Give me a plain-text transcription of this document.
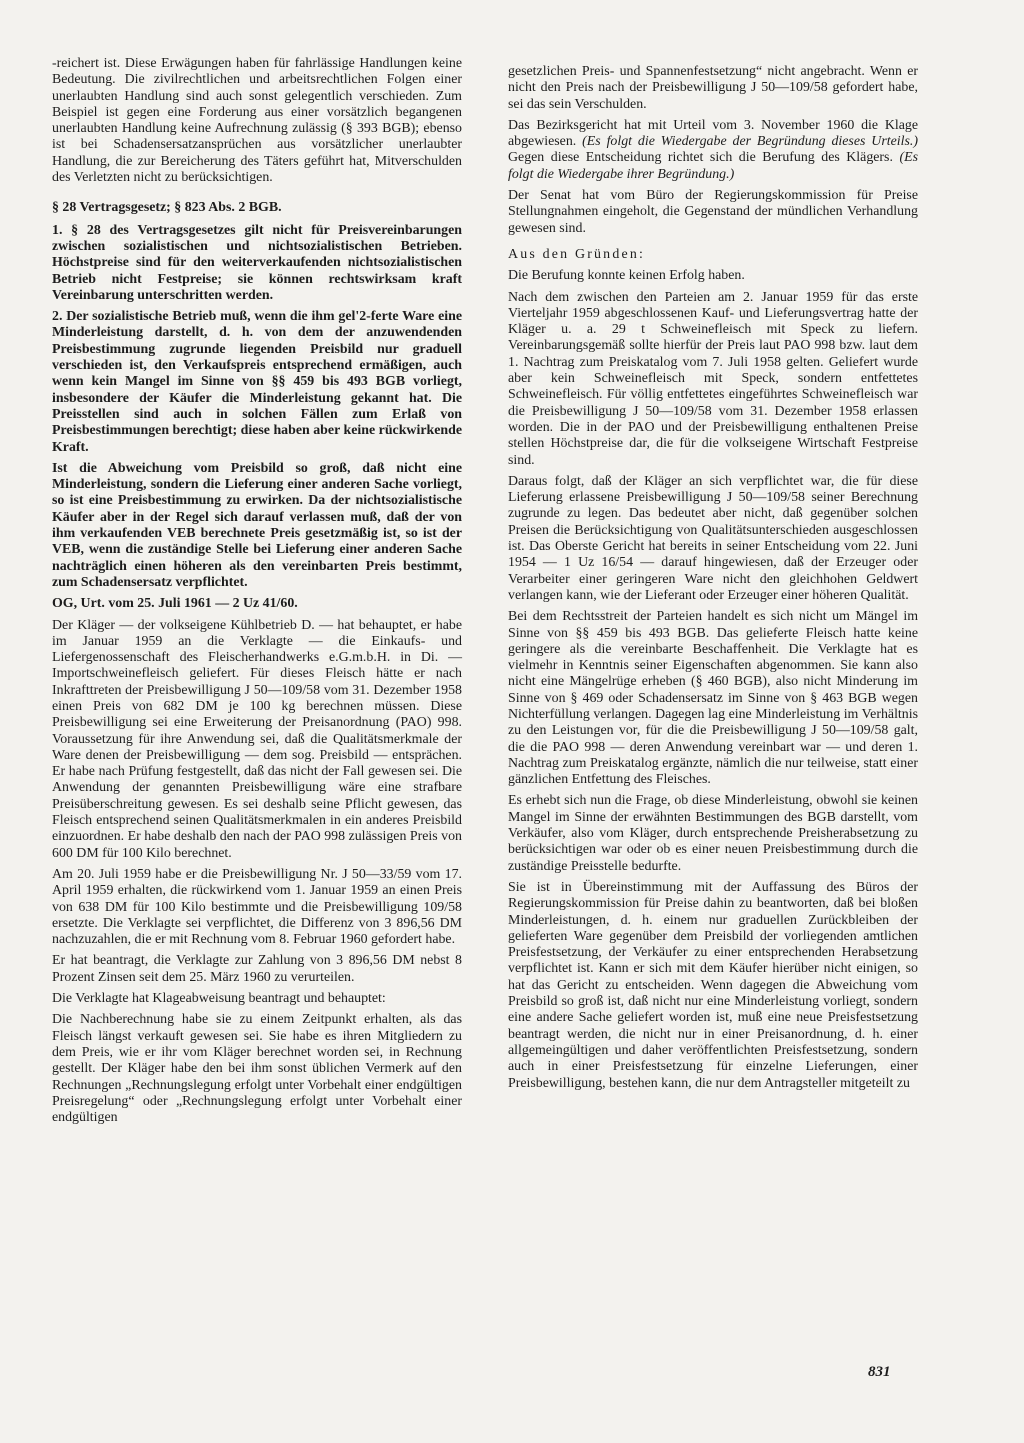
-reichert ist. Diese Erwägungen haben für fahrlässige Handlungen keine Bedeutung. Die zivilrechtlichen und arbeitsrechtlichen Folgen einer unerlaubten Handlung sind auch sonst gelegentlich verschieden. Zum Beispiel ist gegen eine Forderung aus einer vorsätzlich begangenen unerlaubten Handlung keine Aufrechnung zulässig (§ 393 BGB); ebenso ist bei Schadensersatzansprüchen aus vorsätzlicher unerlaubter Handlung, die zur Bereicherung des Täters geführt hat, Mitverschulden des Verletzten nicht zu berücksichtigen.

§ 28 Vertragsgesetz; § 823 Abs. 2 BGB.

1. § 28 des Vertragsgesetzes gilt nicht für Preisvereinbarungen zwischen sozialistischen und nichtsozialistischen Betrieben. Höchstpreise sind für den weiterverkaufenden nichtsozialistischen Betrieb nicht Festpreise; sie können rechtswirksam kraft Vereinbarung unterschritten werden.

2. Der sozialistische Betrieb muß, wenn die ihm gel'2-ferte Ware eine Minderleistung darstellt, d. h. von dem der anzuwendenden Preisbestimmung zugrunde liegenden Preisbild nur graduell verschieden ist, den Verkaufspreis entsprechend ermäßigen, auch wenn kein Mangel im Sinne von §§ 459 bis 493 BGB vorliegt, insbesondere der Käufer die Minderleistung gekannt hat. Die Preisstellen sind auch in solchen Fällen zum Erlaß von Preisbestimmungen berechtigt; diese haben aber keine rückwirkende Kraft.

Ist die Abweichung vom Preisbild so groß, daß nicht eine Minderleistung, sondern die Lieferung einer anderen Sache vorliegt, so ist eine Preisbestimmung zu erwirken. Da der nichtsozialistische Käufer aber in der Regel sich darauf verlassen muß, daß der von ihm verkaufenden VEB berechnete Preis gesetzmäßig ist, so ist der VEB, wenn die zuständige Stelle bei Lieferung einer anderen Sache nachträglich einen höheren als den vereinbarten Preis bestimmt, zum Schadensersatz verpflichtet.

OG, Urt. vom 25. Juli 1961 — 2 Uz 41/60.

Der Kläger — der volkseigene Kühlbetrieb D. — hat behauptet, er habe im Januar 1959 an die Verklagte — die Einkaufs- und Liefergenossenschaft des Fleischerhandwerks e.G.m.b.H. in Di. — Importschweinefleisch geliefert. Für dieses Fleisch hätte er nach Inkrafttreten der Preisbewilligung J 50—109/58 vom 31. Dezember 1958 einen Preis von 682 DM je 100 kg berechnen müssen. Diese Preisbewilligung sei eine Erweiterung der Preisanordnung (PAO) 998. Voraussetzung für ihre Anwendung sei, daß die Qualitätsmerkmale der Ware denen der Preisbewilligung — dem sog. Preisbild — entsprächen. Er habe nach Prüfung festgestellt, daß das nicht der Fall gewesen sei. Die Anwendung der genannten Preisbewilligung wäre eine strafbare Preisüberschreitung gewesen. Es sei deshalb seine Pflicht gewesen, das Fleisch entsprechend seinen Qualitätsmerkmalen in ein anderes Preisbild einzuordnen. Er habe deshalb den nach der PAO 998 zulässigen Preis von 600 DM für 100 Kilo berechnet.

Am 20. Juli 1959 habe er die Preisbewilligung Nr. J 50—33/59 vom 17. April 1959 erhalten, die rückwirkend vom 1. Januar 1959 an einen Preis von 638 DM für 100 Kilo bestimmte und die Preisbewilligung 109/58 ersetzte. Die Verklagte sei verpflichtet, die Differenz von 3 896,56 DM nachzuzahlen, die er mit Rechnung vom 8. Februar 1960 gefordert habe.

Er hat beantragt, die Verklagte zur Zahlung von 3 896,56 DM nebst 8 Prozent Zinsen seit dem 25. März 1960 zu verurteilen.

Die Verklagte hat Klageabweisung beantragt und behauptet:

Die Nachberechnung habe sie zu einem Zeitpunkt erhalten, als das Fleisch längst verkauft gewesen sei. Sie habe es ihren Mitgliedern zu dem Preis, wie er ihr vom Kläger berechnet worden sei, in Rechnung gestellt. Der Kläger habe den bei ihm sonst üblichen Vermerk auf den Rechnungen „Rechnungslegung erfolgt unter Vorbehalt einer endgültigen Preisregelung“ oder „Rechnungslegung erfolgt unter Vorbehalt einer endgültigen

gesetzlichen Preis- und Spannenfestsetzung“ nicht angebracht. Wenn er nicht den Preis nach der Preisbewilligung J 50—109/58 gefordert habe, sei das sein Verschulden.

Das Bezirksgericht hat mit Urteil vom 3. November 1960 die Klage abgewiesen. (Es folgt die Wiedergabe der Begründung dieses Urteils.) Gegen diese Entscheidung richtet sich die Berufung des Klägers. (Es folgt die Wiedergabe ihrer Begründung.)

Der Senat hat vom Büro der Regierungskommission für Preise Stellungnahmen eingeholt, die Gegenstand der mündlichen Verhandlung gewesen sind.

Aus den Gründen:

Die Berufung konnte keinen Erfolg haben.

Nach dem zwischen den Parteien am 2. Januar 1959 für das erste Vierteljahr 1959 abgeschlossenen Kauf- und Lieferungsvertrag hatte der Kläger u. a. 29 t Schweinefleisch mit Speck zu liefern. Vereinbarungsgemäß sollte hierfür der Preis laut PAO 998 bzw. laut dem 1. Nachtrag zum Preiskatalog vom 7. Juli 1958 gelten. Geliefert wurde aber kein Schweinefleisch mit Speck, sondern entfettetes Schweinefleisch. Für völlig entfettetes eingeführtes Schweinefleisch war die Preisbewilligung J 50—109/58 vom 31. Dezember 1958 erlassen worden. Die in der PAO und der Preisbewilligung enthaltenen Preise stellen Höchstpreise dar, die für die volkseigene Wirtschaft Festpreise sind.

Daraus folgt, daß der Kläger an sich verpflichtet war, die für diese Lieferung erlassene Preisbewilligung J 50—109/58 seiner Berechnung zugrunde zu legen. Das bedeutet aber nicht, daß gegenüber solchen Preisen die Berücksichtigung von Qualitätsunterschieden ausgeschlossen ist. Das Oberste Gericht hat bereits in seiner Entscheidung vom 22. Juni 1954 — 1 Uz 16/54 — darauf hingewiesen, daß der Erzeuger oder Verarbeiter einer geringeren Ware nicht den gleichhohen Geldwert verlangen kann, wie der Lieferant oder Erzeuger einer höheren Qualität.

Bei dem Rechtsstreit der Parteien handelt es sich nicht um Mängel im Sinne von §§ 459 bis 493 BGB. Das gelieferte Fleisch hatte keine geringere als die vereinbarte Beschaffenheit. Die Verklagte hat es vielmehr in Kenntnis seiner Eigenschaften abgenommen. Sie kann also nicht eine Mängelrüge erheben (§ 460 BGB), also nicht Minderung im Sinne von § 469 oder Schadensersatz im Sinne von § 463 BGB wegen Nichterfüllung verlangen. Dagegen lag eine Minderleistung im Verhältnis zu den Leistungen vor, für die die Preisbewilligung J 50—109/58 galt, die die PAO 998 — deren Anwendung vereinbart war — und deren 1. Nachtrag zum Preiskatalog ergänzte, nämlich die nur teilweise, statt einer gänzlichen Entfettung des Fleisches.

Es erhebt sich nun die Frage, ob diese Minderleistung, obwohl sie keinen Mangel im Sinne der erwähnten Bestimmungen des BGB darstellt, vom Verkäufer, also vom Kläger, durch entsprechende Preisherabsetzung zu berücksichtigen war oder ob es einer neuen Preisbestimmung durch die zuständige Preisstelle bedurfte.

Sie ist in Übereinstimmung mit der Auffassung des Büros der Regierungskommission für Preise dahin zu beantworten, daß bei bloßen Minderleistungen, d. h. einem nur graduellen Zurückbleiben der gelieferten Ware gegenüber dem Preisbild der vorliegenden amtlichen Preisfestsetzung, der Verkäufer zu einer entsprechenden Herabsetzung verpflichtet ist. Kann er sich mit dem Käufer hierüber nicht einigen, so hat das Gericht zu entscheiden. Wenn dagegen die Abweichung vom Preisbild so groß ist, daß nicht nur eine Minderleistung vorliegt, sondern eine andere Sache geliefert worden ist, muß eine neue Preisfestsetzung beantragt werden, die nicht nur in einer Preisanordnung, d. h. einer allgemeingültigen und daher veröffentlichten Preisfestsetzung, sondern auch in einer Preisfestsetzung für einzelne Lieferungen, einer Preisbewilligung, bestehen kann, die nur dem Antragsteller mitgeteilt zu

831
